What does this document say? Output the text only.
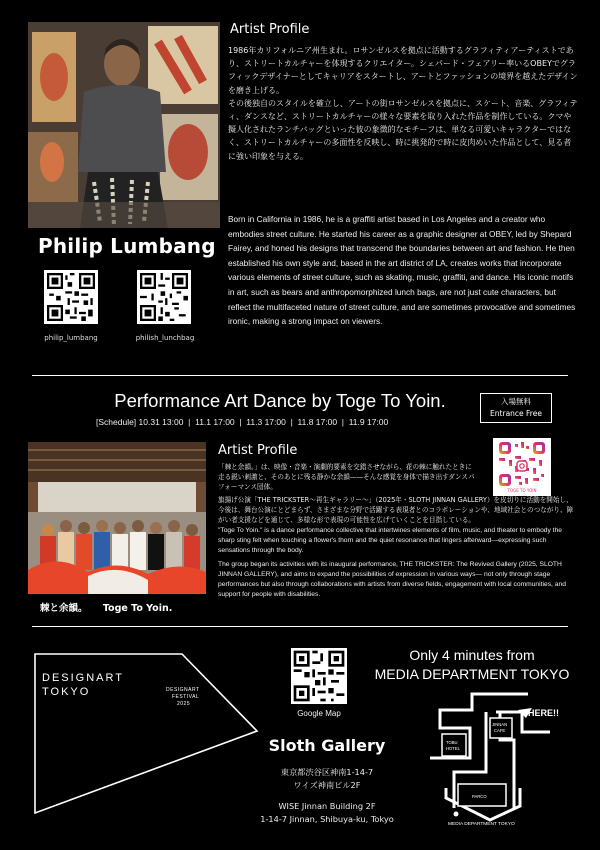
Philip Lumbang
philip_lumbang	philish_lunchbag
Artist Profile

1986年カリフォルニア州生まれ。ロサンゼルスを拠点に活動するグラフィティアーティストであり、ストリートカルチャーを体現するクリエイター。シェパード・フェアリー率いるOBEYでグラフィックデザイナーとしてキャリアをスタートし、アートとファッションの境界を越えたデザインを磨き上げる。

その後独自のスタイルを確立し、アートの街ロサンゼルスを拠点に、スケート、音楽、グラフィティ、ダンスなど、ストリートカルチャーの様々な要素を取り入れた作品を制作している。クマや擬人化されたランチバッグといった彼の象徴的なモチーフは、単なる可愛いキャラクターではなく、ストリートカルチャーの多面性を反映し、時に挑発的で時に皮肉めいた作品として、見る者に強い印象を与える。

Born in California in 1986, he is a graffiti artist based in Los Angeles and a creator who embodies street culture. He started his career as a graphic designer at OBEY, led by Shepard Fairey, and honed his designs that transcend the boundaries between art and fashion. He then established his own style and, based in the art district of LA, creates works that incorporate various elements of street culture, such as skating, music, graffiti, and dance. His iconic motifs in art, such as bears and anthropomorphized lunch bags, are not just cute characters, but reflect the multifaceted nature of street culture, and are sometimes provocative and sometimes ironic, making a strong impact on viewers.
Performance Art Dance by Toge To Yoin.
[Schedule] 10.31 13:00  |  11.1 17:00  |  11.3 17:00  |  11.8 17:00  |  11.9 17:00
入場無料
Entrance Free
棘と余韻。 Toge To Yoin.
Artist Profile
「棘と余韻。」は、映像・音楽・演劇的要素を交錯させながら、花の棘に触れたときに走る鋭い刺激と、そのあとに残る静かな余韻——そんな感覚を身体で描き出すダンスパフォーマンス団体。
旗揚げ公演「THE TRICKSTER～再生ギャラリー～」（2025年・SLOTH JINNAN GALLERY）を皮切りに活動を開始し、今後は、舞台公演にとどまらず、さまざまな分野で活躍する表現者とのコラボレーションや、地域社会とのつながり、障がい者支援などを通じて、多様な形で表現の可能性を広げていくことを目指している。
"Toge To Yoin." is a dance performance collective that intertwines elements of film, music, and theater to embody the sharp sting felt when touching a flower's thorn and the quiet resonance that lingers afterward—expressing such sensations through the body.
The group began its activities with its inaugural performance, THE TRICKSTER: The Revived Gallery (2025, SLOTH JINNAN GALLERY), and aims to expand the possibilities of expression in various ways— not only through stage performances but also through collaborations with artists from diverse fields, engagement with local communities, and support for people with disabilities.
TOGE TO YOIN
DESIGNART
TOKYO	DESIGNART
FESTIVAL
2025
Google Map
Sloth Gallery
東京都渋谷区神南1-14-7
ワイズ神南ビル2F
WISE Jinnan Building 2F
1-14-7 Jinnan, Shibuya-ku, Tokyo
Only 4 minutes from
MEDIA DEPARTMENT TOKYO
HERE!!
TOBU
HOTEL
JINNAN
CAFE
PARCO
MEDIA DEPARTMENT TOKYO
